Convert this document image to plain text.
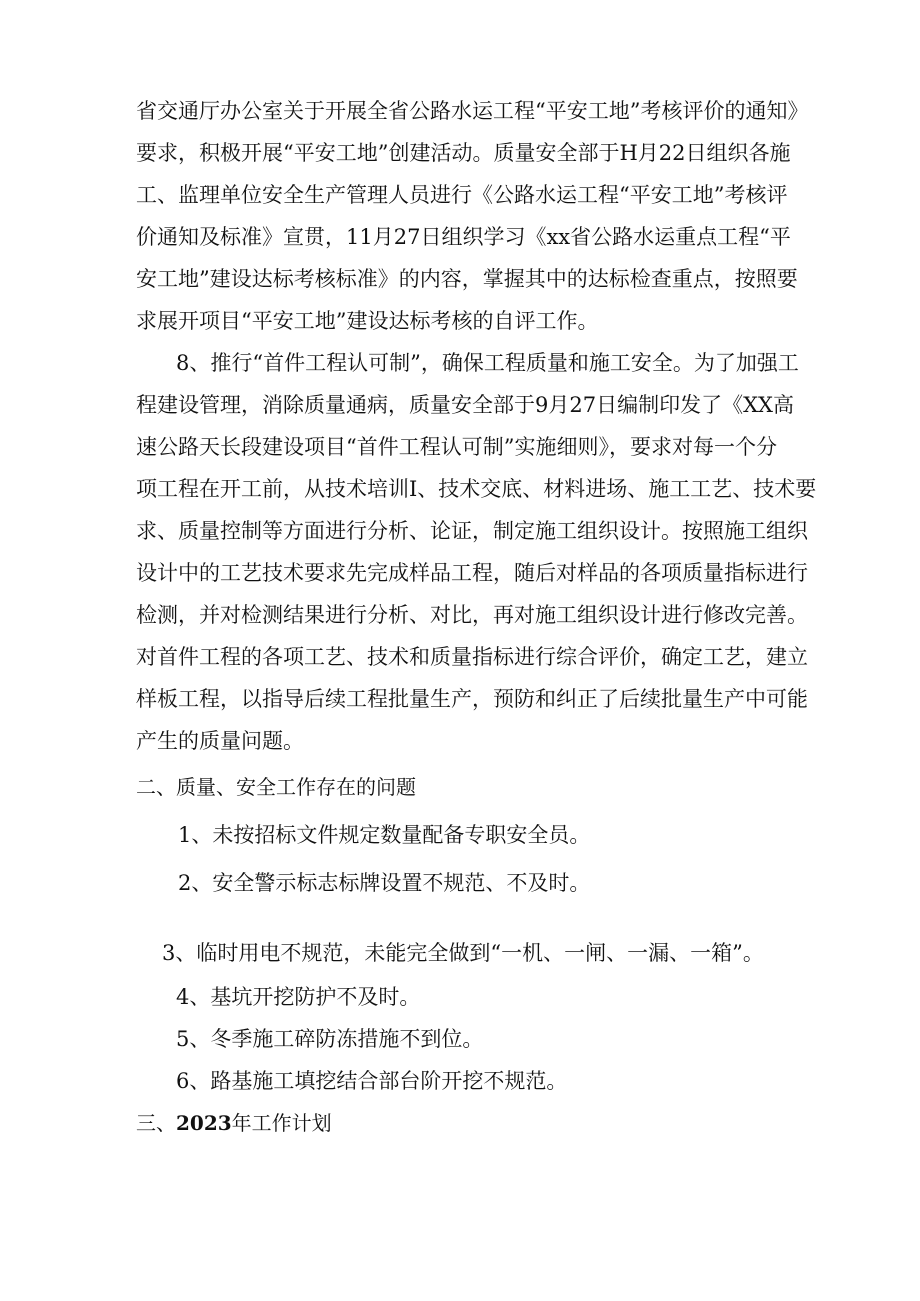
省交通厅办公室关于开展全省公路水运工程“平安工地”考核评价的通知》
要求，积极开展“平安工地”创建活动。质量安全部于H月22日组织各施
工、监理单位安全生产管理人员进行《公路水运工程“平安工地”考核评
价通知及标准》宣贯，11月27日组织学习《xx省公路水运重点工程“平
安工地”建设达标考核标准》的内容，掌握其中的达标检查重点，按照要
求展开项目“平安工地”建设达标考核的自评工作。
8、推行“首件工程认可制”，确保工程质量和施工安全。为了加强工
程建设管理，消除质量通病，质量安全部于9月27日编制印发了《XX高
速公路天长段建设项目“首件工程认可制”实施细则》，要求对每一个分
项工程在开工前，从技术培训I、技术交底、材料进场、施工工艺、技术要
求、质量控制等方面进行分析、论证，制定施工组织设计。按照施工组织
设计中的工艺技术要求先完成样品工程，随后对样品的各项质量指标进行
检测，并对检测结果进行分析、对比，再对施工组织设计进行修改完善。
对首件工程的各项工艺、技术和质量指标进行综合评价，确定工艺，建立
样板工程，以指导后续工程批量生产，预防和纠正了后续批量生产中可能
产生的质量问题。
二、质量、安全工作存在的问题
1、未按招标文件规定数量配备专职安全员。
2、安全警示标志标牌设置不规范、不及时。
3、临时用电不规范，未能完全做到“一机、一闸、一漏、一箱”。
4、基坑开挖防护不及时。
5、冬季施工碎防冻措施不到位。
6、路基施工填挖结合部台阶开挖不规范。
三、2023年工作计划
